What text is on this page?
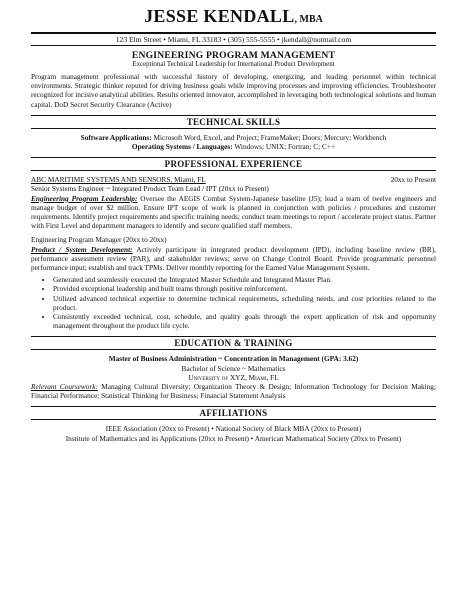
JESSE KENDALL, MBA
123 Elm Street • Miami, FL 33183 • (305) 555-5555 • jkendall@notmail.com
ENGINEERING PROGRAM MANAGEMENT
Exceptional Technical Leadership for International Product Development
Program management professional with successful history of developing, energizing, and leading personnel within technical environments. Strategic thinker reputed for driving business goals while improving processes and improving efficiencies. Troubleshooter recognized for incisive analytical abilities. Results oriented innovator, accomplished in leveraging both technological solutions and human capital. DoD Secret Security Clearance (Active)
TECHNICAL SKILLS
Software Applications: Microsoft Word, Excel, and Project; FrameMaker; Doors; Mercury; Workbench
Operating Systems / Languages: Windows; UNIX; Fortran; C; C++
PROFESSIONAL EXPERIENCE
ABC MARITIME SYSTEMS AND SENSORS, Miami, FL	20xx to Present
Senior Systems Engineer ~ Integrated Product Team Lead / IPT (20xx to Present)
Engineering Program Leadership: Oversee the AEGIS Combat System-Japanese baseline (J5); lead a team of twelve engineers and manage budget of over $2 million. Ensure IPT scope of work is planned in conjunction with policies / procedures and customer requirements. Identify project requirements and specific training needs; conduct team meetings to report / accelerate project status. Partner with First Level and department managers to identify and secure qualified staff members.
Engineering Program Manager (20xx to 20xx)
Product / System Development: Actively participate in integrated product development (IPD), including baseline review (BR), performance assessment review (PAR), and stakeholder reviews; serve on Change Control Board. Provide programmatic personnel performance input; establish and track TPMs. Deliver monthly reporting for the Earned Value Management System.
• Generated and seamlessly executed the Integrated Master Schedule and Integrated Master Plan.
• Provided exceptional leadership and built teams through positive reinforcement.
• Utilized advanced technical expertise to determine technical requirements, scheduling needs, and cost priorities related to the product.
• Consistently exceeded technical, cost, schedule, and quality goals through the expert application of risk and opportunity management throughout the product life cycle.
EDUCATION & TRAINING
Master of Business Administration ~ Concentration in Management (GPA: 3.62)
Bachelor of Science ~ Mathematics
University of XYZ, Miami, FL
Relevant Coursework: Managing Cultural Diversity; Organization Theory & Design; Information Technology for Decision Making; Financial Performance; Statistical Thinking for Business; Financial Statement Analysis
AFFILIATIONS
IEEE Association (20xx to Present) • National Society of Black MBA (20xx to Present)
Institute of Mathematics and its Applications (20xx to Present) • American Mathematical Society (20xx to Present)
